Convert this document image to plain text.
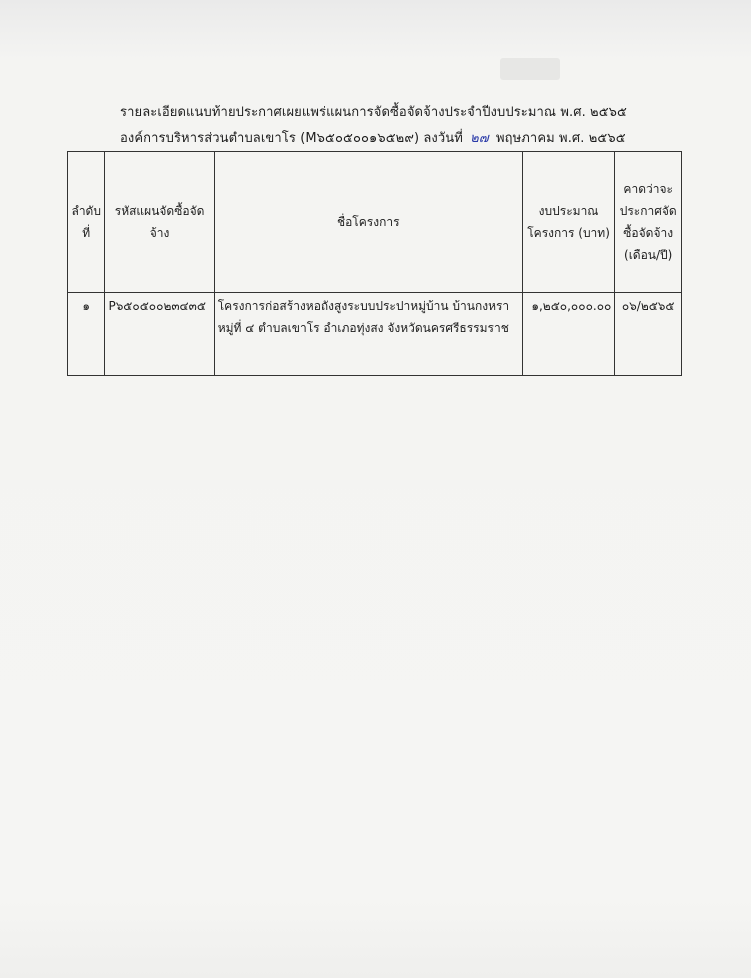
รายละเอียดแนบท้ายประกาศเผยแพร่แผนการจัดซื้อจัดจ้างประจำปีงบประมาณ พ.ศ. ๒๕๖๕
องค์การบริหารส่วนตำบลเขาโร (M๖๕๐๕๐๐๑๖๕๒๙) ลงวันที่ ๒๗ พฤษภาคม พ.ศ. ๒๕๖๕
ลำดับที่	รหัสแผนจัดซื้อจัดจ้าง	ชื่อโครงการ	งบประมาณโครงการ (บาท)	คาดว่าจะประกาศจัดซื้อจัดจ้าง (เดือน/ปี)

๑	P๖๕๐๕๐๐๒๓๔๓๕	โครงการก่อสร้างหอถังสูงระบบประปาหมู่บ้าน บ้านกงหรา หมู่ที่ ๔ ตำบลเขาโร อำเภอทุ่งสง จังหวัดนครศรีธรรมราช	๑,๒๕๐,๐๐๐.๐๐	๐๖/๒๕๖๕
